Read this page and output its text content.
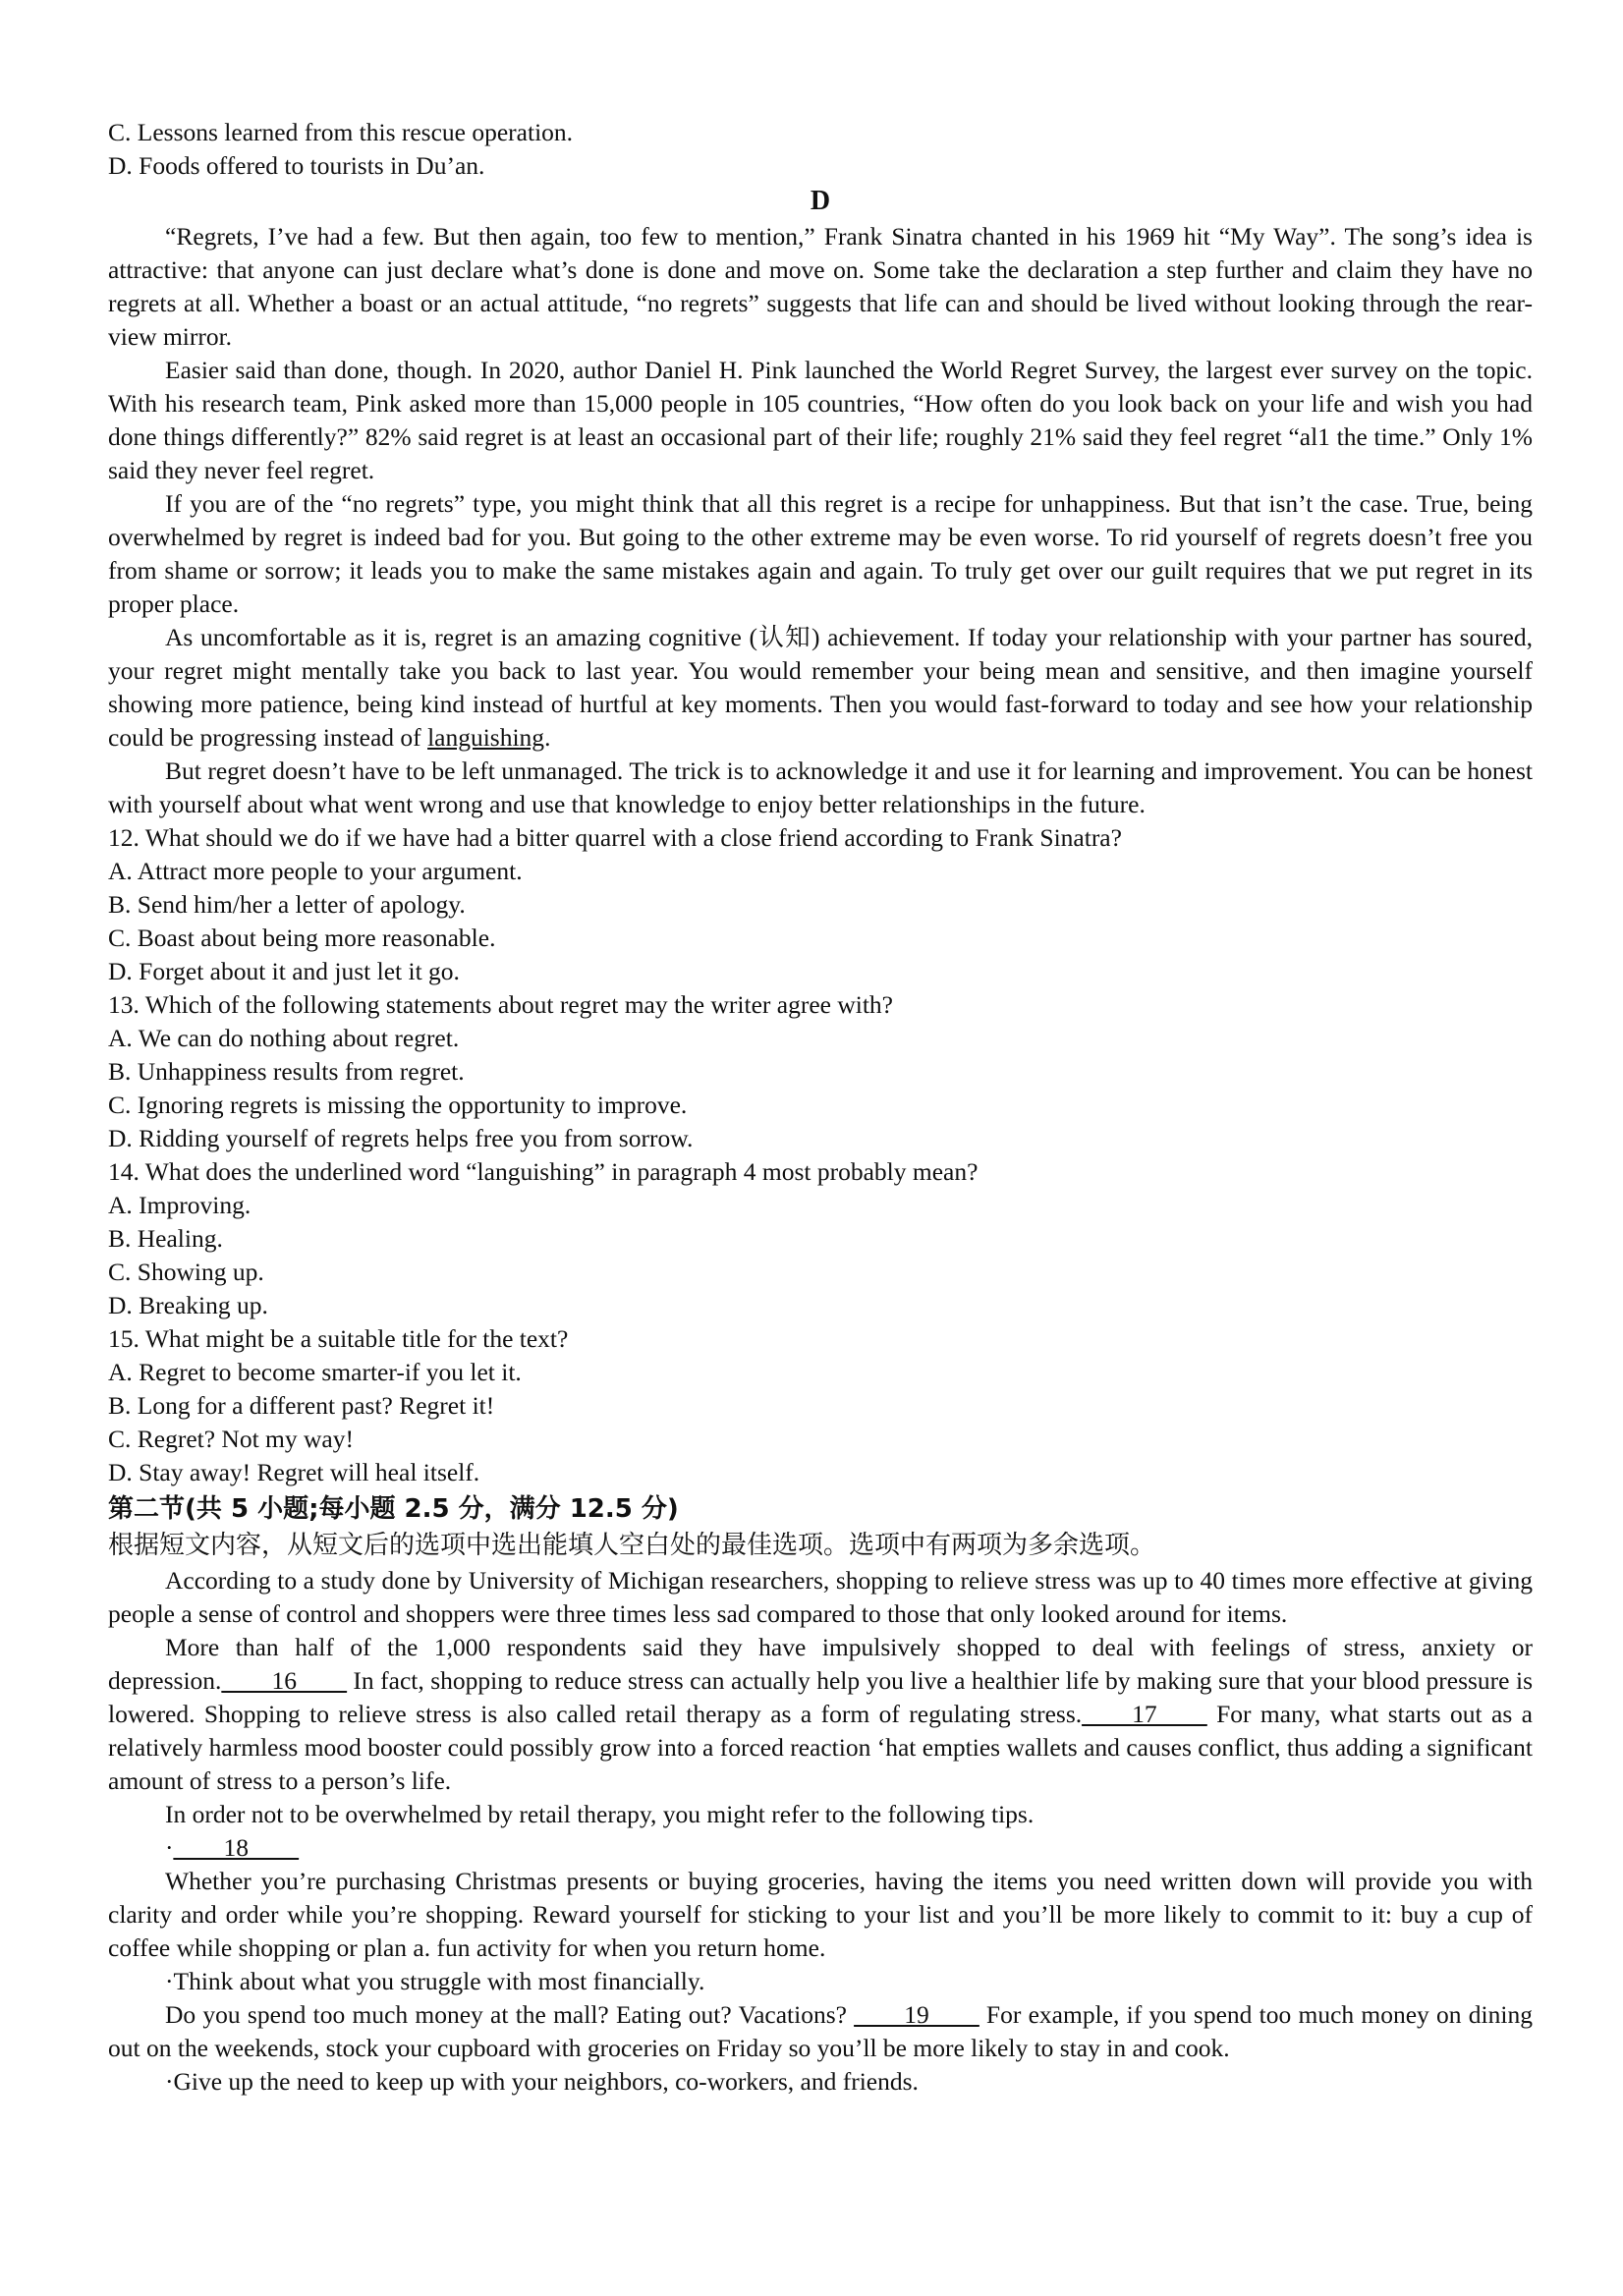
C. Lessons learned from this rescue operation.

D. Foods offered to tourists in Du’an.

D

“Regrets, I’ve had a few. But then again, too few to mention,” Frank Sinatra chanted in his 1969 hit “My Way”. The song’s idea is attractive: that anyone can just declare what’s done is done and move on. Some take the declaration a step further and claim they have no regrets at all. Whether a boast or an actual attitude, “no regrets” suggests that life can and should be lived without looking through the rear-view mirror.

Easier said than done, though. In 2020, author Daniel H. Pink launched the World Regret Survey, the largest ever survey on the topic. With his research team, Pink asked more than 15,000 people in 105 countries, “How often do you look back on your life and wish you had done things differently?” 82% said regret is at least an occasional part of their life; roughly 21% said they feel regret “al1 the time.” Only 1% said they never feel regret.

If you are of the “no regrets” type, you might think that all this regret is a recipe for unhappiness. But that isn’t the case. True, being overwhelmed by regret is indeed bad for you. But going to the other extreme may be even worse. To rid yourself of regrets doesn’t free you from shame or sorrow; it leads you to make the same mistakes again and again. To truly get over our guilt requires that we put regret in its proper place.

As uncomfortable as it is, regret is an amazing cognitive (认知) achievement. If today your relationship with your partner has soured, your regret might mentally take you back to last year. You would remember your being mean and sensitive, and then imagine yourself showing more patience, being kind instead of hurtful at key moments. Then you would fast-forward to today and see how your relationship could be progressing instead of languishing.

But regret doesn’t have to be left unmanaged. The trick is to acknowledge it and use it for learning and improvement. You can be honest with yourself about what went wrong and use that knowledge to enjoy better relationships in the future.

12. What should we do if we have had a bitter quarrel with a close friend according to Frank Sinatra?

A. Attract more people to your argument.

B. Send him/her a letter of apology.

C. Boast about being more reasonable.

D. Forget about it and just let it go.

13. Which of the following statements about regret may the writer agree with?

A. We can do nothing about regret.

B. Unhappiness results from regret.

C. Ignoring regrets is missing the opportunity to improve.

D. Ridding yourself of regrets helps free you from sorrow.

14. What does the underlined word “languishing” in paragraph 4 most probably mean?

A. Improving.

B. Healing.

C. Showing up.

D. Breaking up.

15. What might be a suitable title for the text?

A. Regret to become smarter-if you let it.

B. Long for a different past? Regret it!

C. Regret? Not my way!

D. Stay away! Regret will heal itself.

第二节(共 5 小题;每小题 2.5 分，满分 12.5 分)

根据短文内容，从短文后的选项中选出能填人空白处的最佳选项。选项中有两项为多余选项。

According to a study done by University of Michigan researchers, shopping to relieve stress was up to 40 times more effective at giving people a sense of control and shoppers were three times less sad compared to those that only looked around for items.

More than half of the 1,000 respondents said they have impulsively shopped to deal with feelings of stress, anxiety or depression.____16____ In fact, shopping to reduce stress can actually help you live a healthier life by making sure that your blood pressure is lowered. Shopping to relieve stress is also called retail therapy as a form of regulating stress.____17____ For many, what starts out as a relatively harmless mood booster could possibly grow into a forced reaction ‘hat empties wallets and causes conflict, thus adding a significant amount of stress to a person’s life.

In order not to be overwhelmed by retail therapy, you might refer to the following tips.

·____18____

Whether you’re purchasing Christmas presents or buying groceries, having the items you need written down will provide you with clarity and order while you’re shopping. Reward yourself for sticking to your list and you’ll be more likely to commit to it: buy a cup of coffee while shopping or plan a. fun activity for when you return home.

·Think about what you struggle with most financially.

Do you spend too much money at the mall? Eating out? Vacations? ____19____ For example, if you spend too much money on dining out on the weekends, stock your cupboard with groceries on Friday so you’ll be more likely to stay in and cook.

·Give up the need to keep up with your neighbors, co-workers, and friends.
